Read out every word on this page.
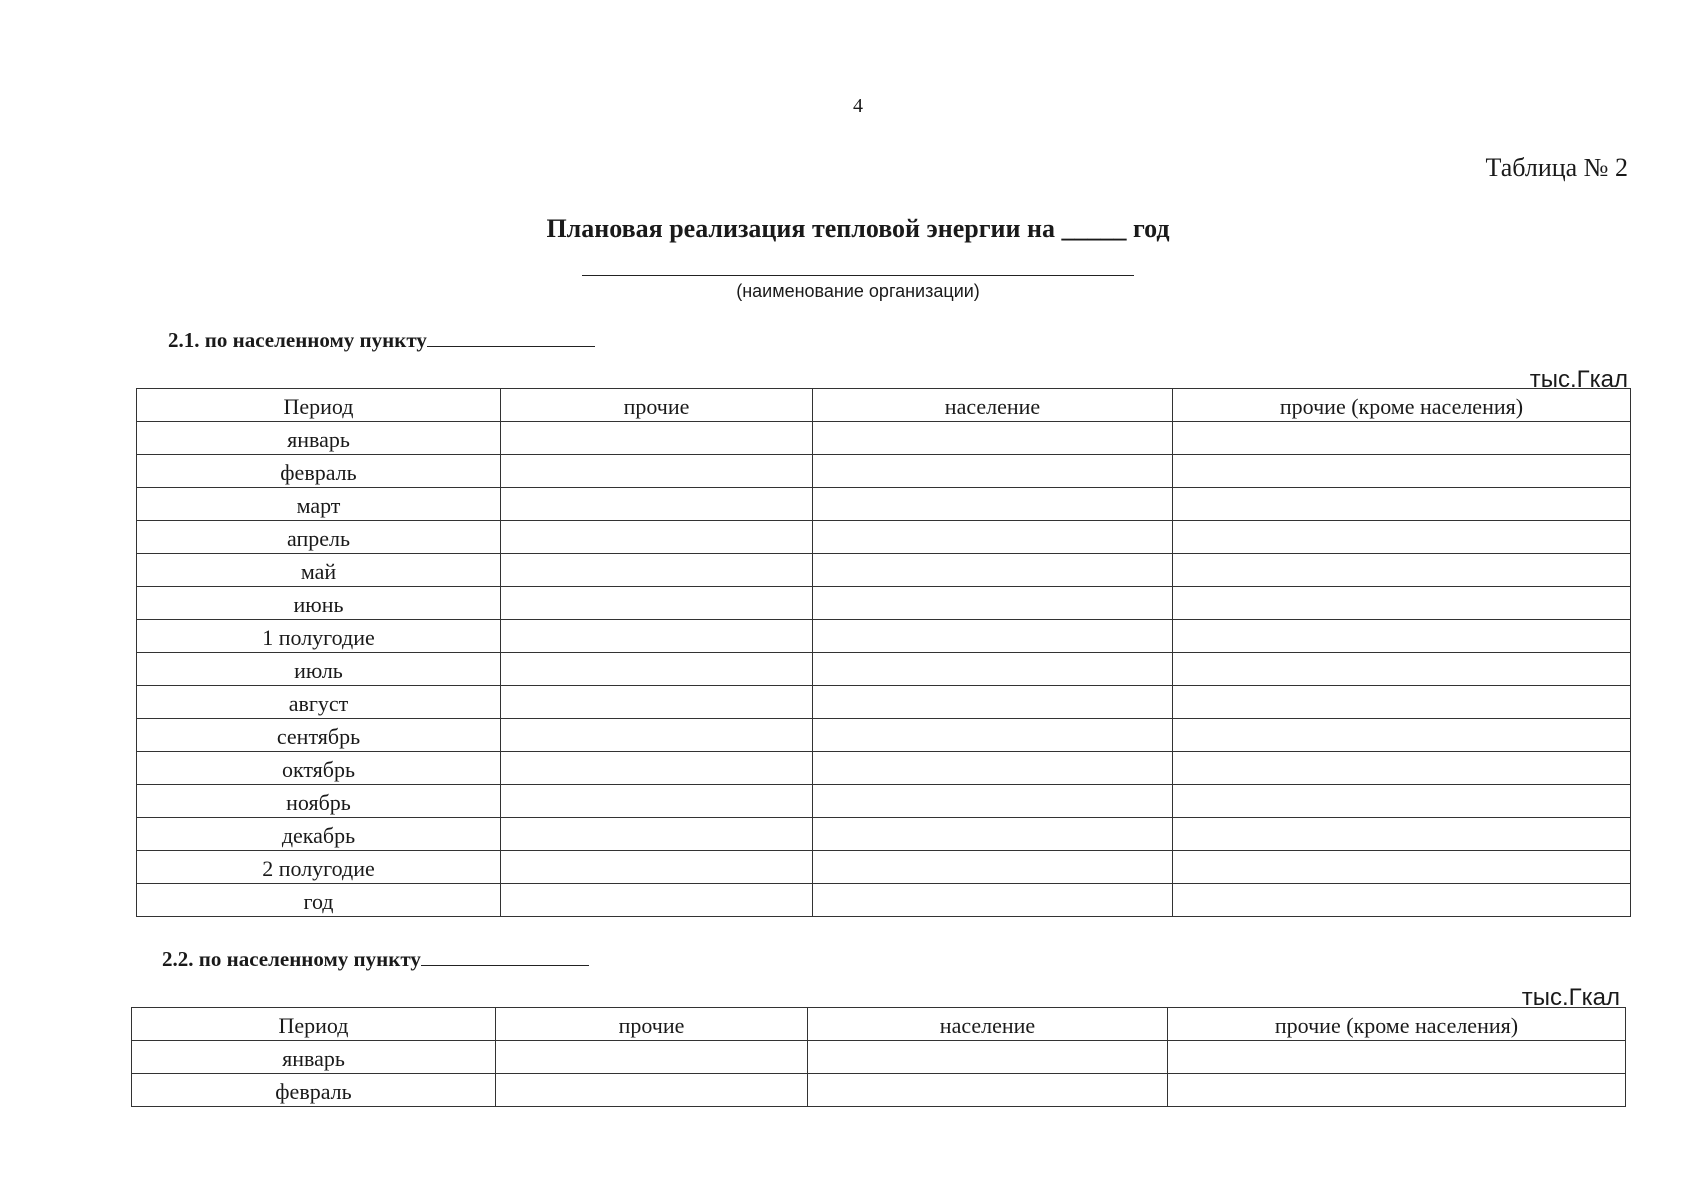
4
Таблица № 2
Плановая реализация тепловой энергии на _____ год
(наименование организации)
2.1. по населенному пункту
тыс.Гкал
Период	прочие	население	прочие (кроме населения)
январь			
февраль			
март			
апрель			
май			
июнь			
1 полугодие			
июль			
август			
сентябрь			
октябрь			
ноябрь			
декабрь			
2 полугодие			
год			
2.2. по населенному пункту
тыс.Гкал
Период	прочие	население	прочие (кроме населения)
январь			
февраль			
